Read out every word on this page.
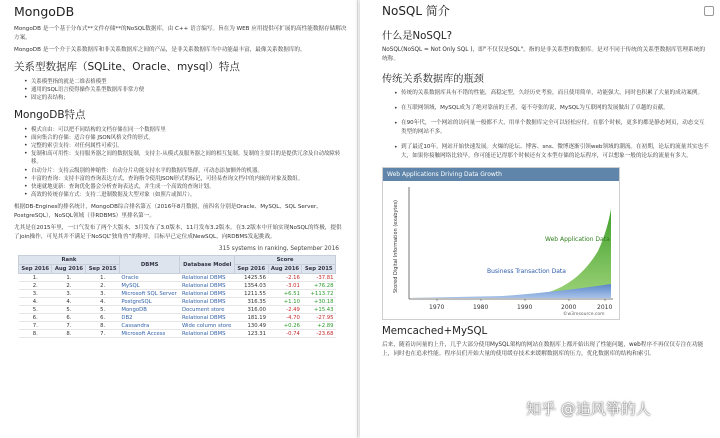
MongoDB

MongoDB 是一个基于分布式**文件存储**的NoSQL数据库，由 C++ 语言编写。旨在为 WEB 应用提供可扩展的高性能数据存储解决方案。

MongoDB 是一个介于关系数据库和非关系数据库之间的产品，是非关系数据库当中功能最丰富，最像关系数据库的。

关系型数据库（SQLite、Oracle、mysql）特点
• 关系模型指的就是二维表格模型
• 通用的SQL语言使得操作关系型数据库非常方便
• 固定的表结构；
MongoDB特点
• 模式自由：可以把不同结构的文档存储在同一个数据库里
• 面向集合的存储：适合存储 JSON风格文件的形式。
• 完整的索引支持：对任何属性可索引。
• 复制和高可用性：支持服务器之间的数据复制，支持主-从模式及服务器之间的相互复制。复制的主要目的是提供冗余及自动故障转移。
• 自动分片：支持云级别的伸缩性：自动分片功能支持水平的数据库集群，可动态添加额外的机器。
• 丰富的查询：支持丰富的查询表达方式，查询指令使用JSON形式的标记，可轻易查询文档中的内嵌的对象及数组。
• 快速就地更新：查询优化器会分析查询表达式，并生成一个高效的查询计划。
• 高效的传统存储方式：支持二进制数据及大型对象（如照片或图片）。

根据DB-Engines的排名统计，MongoDB综合排名第五（2016年8月数据，前四名分别是Oracle、MySQL、SQL Server、PostgreSQL），NoSQL领域（非RDBMS）里排名第一。

尤其是在2015年里，一口气发布了两个大版本，3月发布了3.0版本，11月发布3.2版本。在3.2版本中开始实现NoSQL的终极，提供了join操作，可见其并不满足于NoSQL“独角兽”的称呼，目标早已定位成NewSQL，向RDBMS发起挑战。

315 systems in ranking, September 2016
Rank			DBMS	Database Model	Score		
Sep 2016	Aug 2016	Sep 2015			Sep 2016	Aug 2016	Sep 2015
1.	1.	1.	Oracle	Relational DBMS	1425.56	-2.16	-37.81
2.	2.	2.	MySQL	Relational DBMS	1354.03	-3.01	+76.28
3.	3.	3.	Microsoft SQL Server	Relational DBMS	1211.55	+6.51	+113.72
4.	4.	4.	PostgreSQL	Relational DBMS	316.35	+1.10	+30.18
5.	5.	5.	MongoDB	Document store	316.00	-2.49	+15.43
6.	6.	6.	DB2	Relational DBMS	181.19	-4.70	-27.95
7.	7.	8.	Cassandra	Wide column store	130.49	+0.26	+2.89
8.	8.	7.	Microsoft Access	Relational DBMS	123.31	-0.74	-23.68
NoSQL 简介
什么是NoSQL?

NoSQL(NoSQL = Not Only SQL )，即"不仅仅是SQL"，指的是非关系型的数据库。是对不同于传统的关系型数据库管理系统的统称。

传统关系数据库的瓶颈
• 传统的关系数据库具有不错的性能，高稳定型，久经历史考验，而且使用简单，功能强大，同时也积累了大量的成功案例。
• 在互联网领域，MySQL成为了绝对靠前的王者，毫不夸张的说，MySQL为互联网的发展做出了卓越的贡献。
• 在90年代，一个网站的访问量一般都不大，用单个数据库完全可以轻松应付。在那个时候，更多的都是静态网页，动态交互类型的网站不多。
• 到了最近10年，网站开始快速发展。火爆的论坛、博客、sns、微博逐渐引领web领域的潮流。在初期，论坛的流量其实也不大，如果你接触网络比较早，你可能还记得那个时候还有文本型存储的论坛程序，可以想象一般的论坛的流量有多大。
Web Applications Driving Data Growth
1970	1980	1990	2000	2010
Stored Digital Information (exabytes)	Web Application Data
Business Transaction Data
©w3resource.com
Memcached+MySQL

后来，随着访问量的上升，几乎大部分使用MySQL架构的网站在数据库上都开始出现了性能问题，web程序不再仅仅专注在功能上，同时也在追求性能。程序员们开始大量的使用缓存技术来缓解数据库的压力，优化数据库的结构和索引。

知乎 @追风筝的人
